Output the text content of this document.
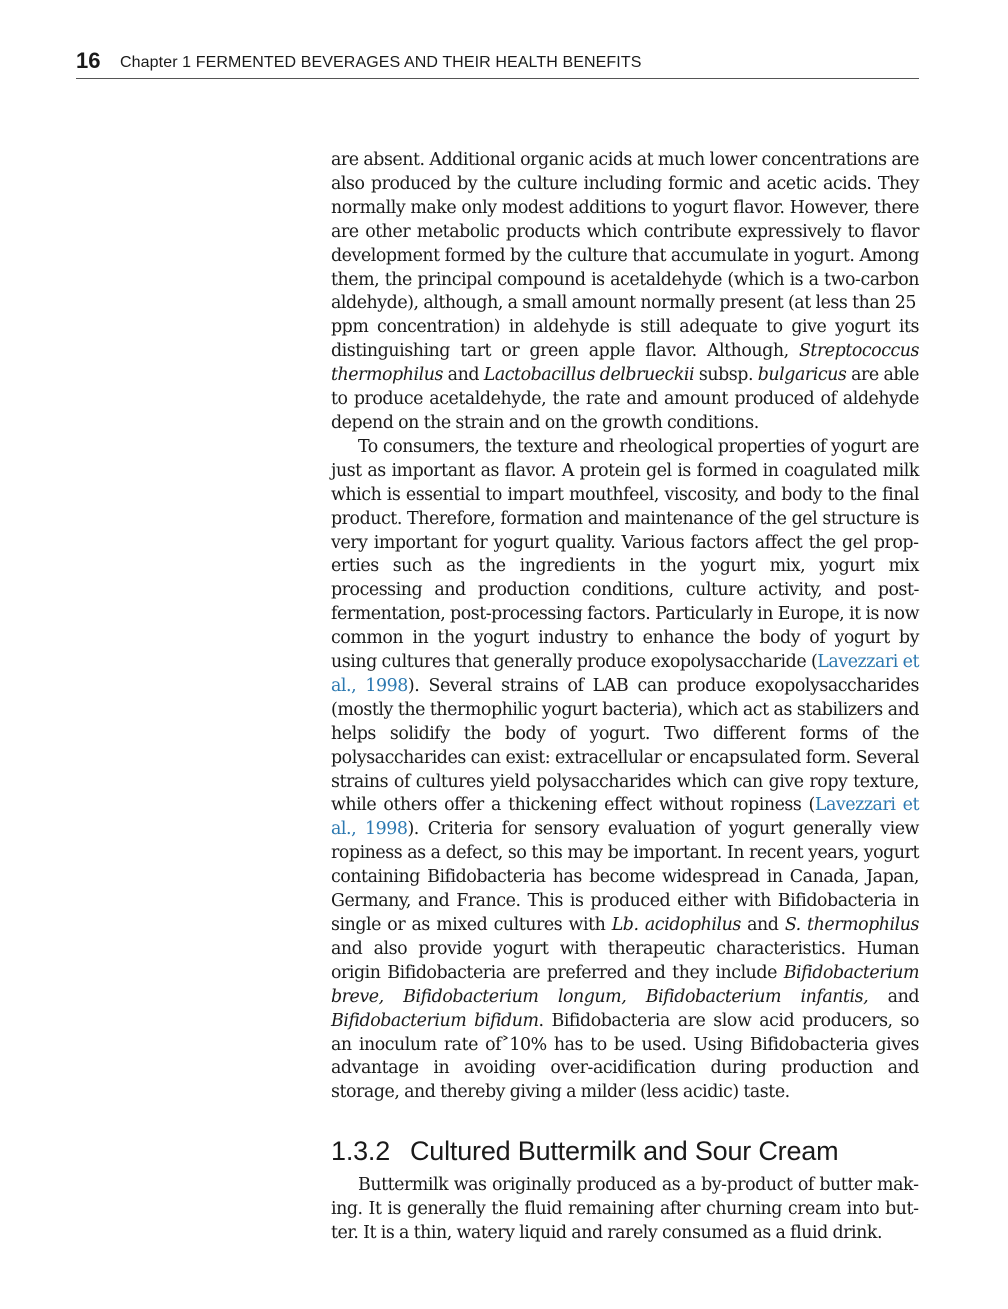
16 Chapter 1 FERMENTED BEVERAGES AND THEIR HEALTH BENEFITS

are absent. Additional organic acids at much lower concentrations are also produced by the culture including formic and acetic acids. They normally make only modest additions to yogurt flavor. However, there are other metabolic products which contribute expressively to flavor development formed by the culture that accumulate in yogurt. Among them, the principal compound is acetaldehyde (which is a two-carbon aldehyde), although, a small amount normally present (at less than 25 ppm concentration) in aldehyde is still adequate to give yogurt its distinguishing tart or green apple flavor. Although, Streptococcus thermophilus and Lactobacillus delbrueckii subsp. bulgaricus are able to produce acetaldehyde, the rate and amount produced of aldehyde depend on the strain and on the growth conditions.

To consumers, the texture and rheological properties of yogurt are just as important as flavor. A protein gel is formed in coagulated milk which is essential to impart mouthfeel, viscosity, and body to the final product. Therefore, formation and maintenance of the gel structure is very important for yogurt quality. Various factors affect the gel properties such as the ingredients in the yogurt mix, yogurt mix processing and production conditions, culture activity, and post-fermentation, post-processing factors. Particularly in Europe, it is now common in the yogurt industry to enhance the body of yogurt by using cultures that generally produce exopolysaccharide (Lavezzari et al., 1998). Several strains of LAB can produce exopolysaccharides (mostly the thermophilic yogurt bacteria), which act as stabilizers and helps solidify the body of yogurt. Two different forms of the polysaccharides can exist: extracellular or encapsulated form. Several strains of cultures yield polysaccharides which can give ropy texture, while others offer a thickening effect without ropiness (Lavezzari et al., 1998). Criteria for sensory evaluation of yogurt generally view ropiness as a defect, so this may be important. In recent years, yogurt containing Bifidobacteria has become widespread in Canada, Japan, Germany, and France. This is produced either with Bifidobacteria in single or as mixed cultures with Lb. acidophilus and S. thermophilus and also provide yogurt with therapeutic characteristics. Human origin Bifidobacteria are preferred and they include Bifidobacterium breve, Bifidobacterium longum, Bifidobacterium infantis, and Bifidobacterium bifidum. Bifidobacteria are slow acid producers, so an inoculum rate of˃10% has to be used. Using Bifidobacteria gives advantage in avoiding over-acidification during production and storage, and thereby giving a milder (less acidic) taste.

1.3.2 Cultured Buttermilk and Sour Cream

Buttermilk was originally produced as a by-product of butter making. It is generally the fluid remaining after churning cream into butter. It is a thin, watery liquid and rarely consumed as a fluid drink.
